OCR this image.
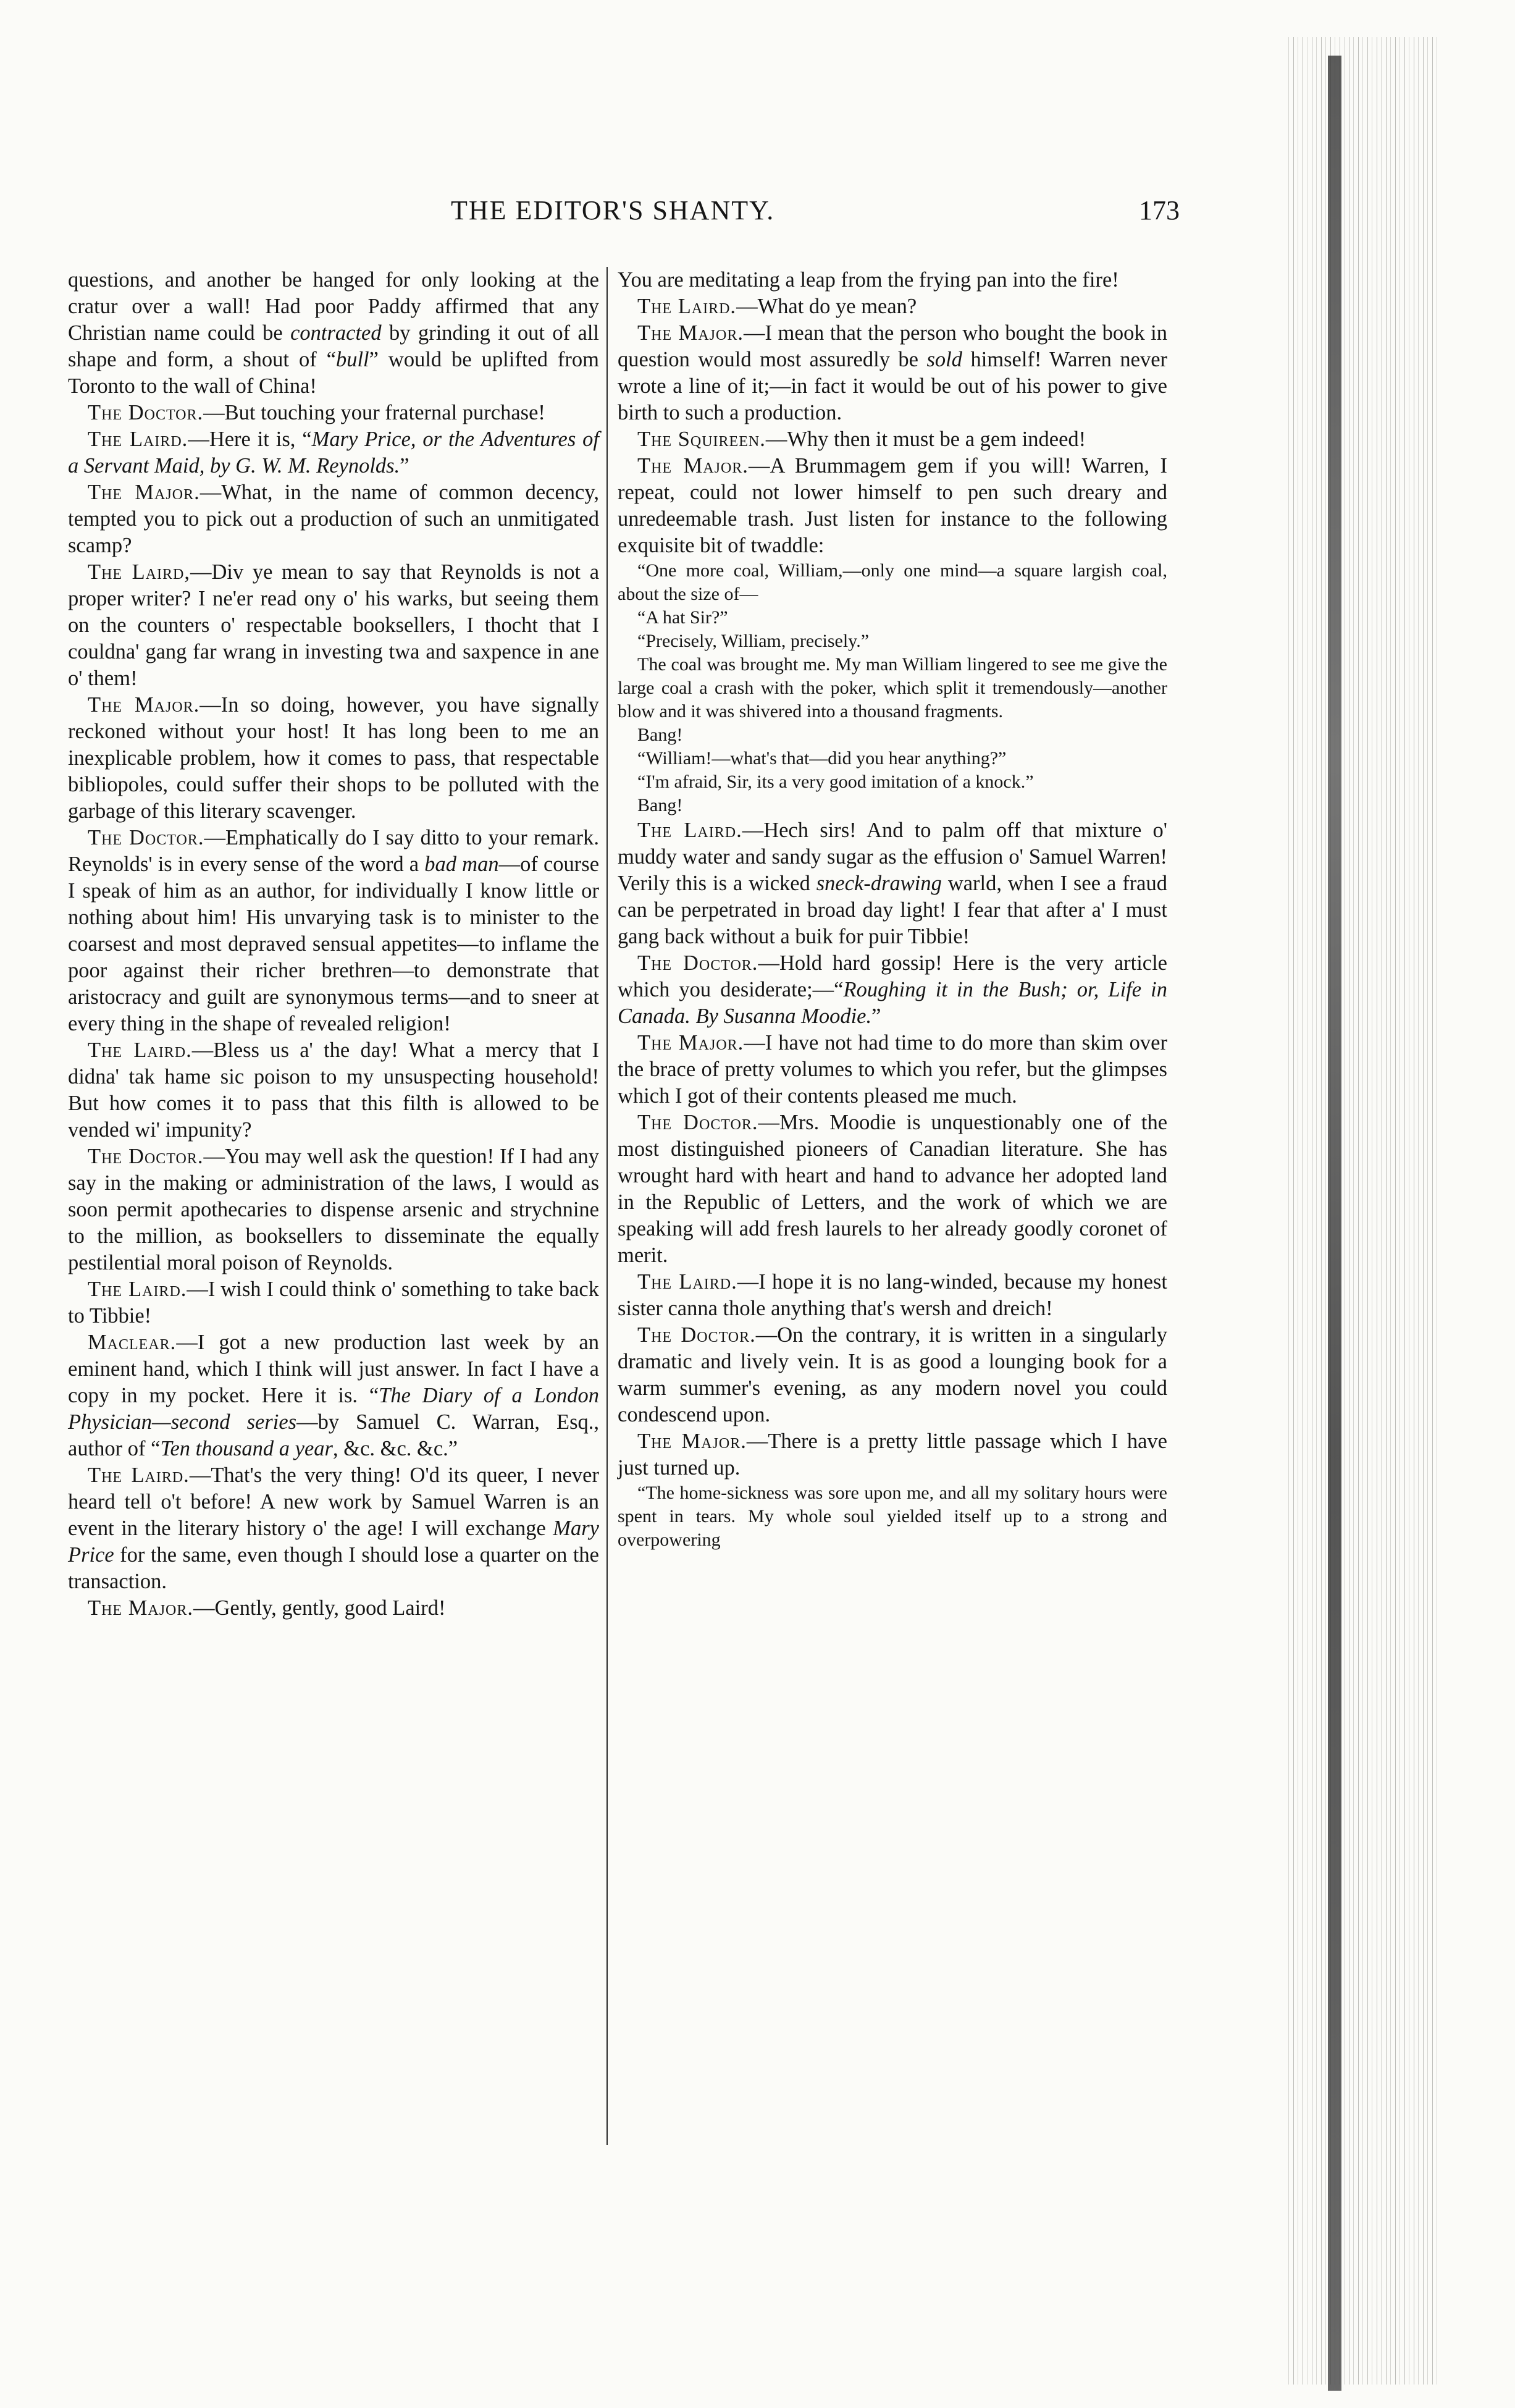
THE EDITOR'S SHANTY.	173

questions, and another be hanged for only looking at the cratur over a wall! Had poor Paddy affirmed that any Christian name could be contracted by grinding it out of all shape and form, a shout of “bull” would be uplifted from Toronto to the wall of China!

The Doctor.—But touching your fraternal purchase!

The Laird.—Here it is, “Mary Price, or the Adventures of a Servant Maid, by G. W. M. Reynolds.”

The Major.—What, in the name of common decency, tempted you to pick out a production of such an unmitigated scamp?

The Laird,—Div ye mean to say that Reynolds is not a proper writer? I ne'er read ony o' his warks, but seeing them on the counters o' respectable booksellers, I thocht that I couldna' gang far wrang in investing twa and saxpence in ane o' them!

The Major.—In so doing, however, you have signally reckoned without your host! It has long been to me an inexplicable problem, how it comes to pass, that respectable bibliopoles, could suffer their shops to be polluted with the garbage of this literary scavenger.

The Doctor.—Emphatically do I say ditto to your remark. Reynolds' is in every sense of the word a bad man—of course I speak of him as an author, for individually I know little or nothing about him! His unvarying task is to minister to the coarsest and most depraved sensual appetites—to inflame the poor against their richer brethren—to demonstrate that aristocracy and guilt are synonymous terms—and to sneer at every thing in the shape of revealed religion!

The Laird.—Bless us a' the day! What a mercy that I didna' tak hame sic poison to my unsuspecting household! But how comes it to pass that this filth is allowed to be vended wi' impunity?

The Doctor.—You may well ask the question! If I had any say in the making or administration of the laws, I would as soon permit apothecaries to dispense arsenic and strychnine to the million, as booksellers to disseminate the equally pestilential moral poison of Reynolds.

The Laird.—I wish I could think o' something to take back to Tibbie!

Maclear.—I got a new production last week by an eminent hand, which I think will just answer. In fact I have a copy in my pocket. Here it is. “The Diary of a London Physician—second series—by Samuel C. Warran, Esq., author of “Ten thousand a year, &c. &c. &c.”

The Laird.—That's the very thing! O'd its queer, I never heard tell o't before! A new work by Samuel Warren is an event in the literary history o' the age! I will exchange Mary Price for the same, even though I should lose a quarter on the transaction.

The Major.—Gently, gently, good Laird!

You are meditating a leap from the frying pan into the fire!

The Laird.—What do ye mean?

The Major.—I mean that the person who bought the book in question would most assuredly be sold himself! Warren never wrote a line of it;—in fact it would be out of his power to give birth to such a production.

The Squireen.—Why then it must be a gem indeed!

The Major.—A Brummagem gem if you will! Warren, I repeat, could not lower himself to pen such dreary and unredeemable trash. Just listen for instance to the following exquisite bit of twaddle:

“One more coal, William,—only one mind—a square largish coal, about the size of—

“A hat Sir?”

“Precisely, William, precisely.”

The coal was brought me. My man William lingered to see me give the large coal a crash with the poker, which split it tremendously—another blow and it was shivered into a thousand fragments.

Bang!

“William!—what's that—did you hear anything?”

“I'm afraid, Sir, its a very good imitation of a knock.”

Bang!

The Laird.—Hech sirs! And to palm off that mixture o' muddy water and sandy sugar as the effusion o' Samuel Warren! Verily this is a wicked sneck-drawing warld, when I see a fraud can be perpetrated in broad day light! I fear that after a' I must gang back without a buik for puir Tibbie!

The Doctor.—Hold hard gossip! Here is the very article which you desiderate;—“Roughing it in the Bush; or, Life in Canada. By Susanna Moodie.”

The Major.—I have not had time to do more than skim over the brace of pretty volumes to which you refer, but the glimpses which I got of their contents pleased me much.

The Doctor.—Mrs. Moodie is unquestionably one of the most distinguished pioneers of Canadian literature. She has wrought hard with heart and hand to advance her adopted land in the Republic of Letters, and the work of which we are speaking will add fresh laurels to her already goodly coronet of merit.

The Laird.—I hope it is no lang-winded, because my honest sister canna thole anything that's wersh and dreich!

The Doctor.—On the contrary, it is written in a singularly dramatic and lively vein. It is as good a lounging book for a warm summer's evening, as any modern novel you could condescend upon.

The Major.—There is a pretty little passage which I have just turned up.

“The home-sickness was sore upon me, and all my solitary hours were spent in tears. My whole soul yielded itself up to a strong and overpowering
